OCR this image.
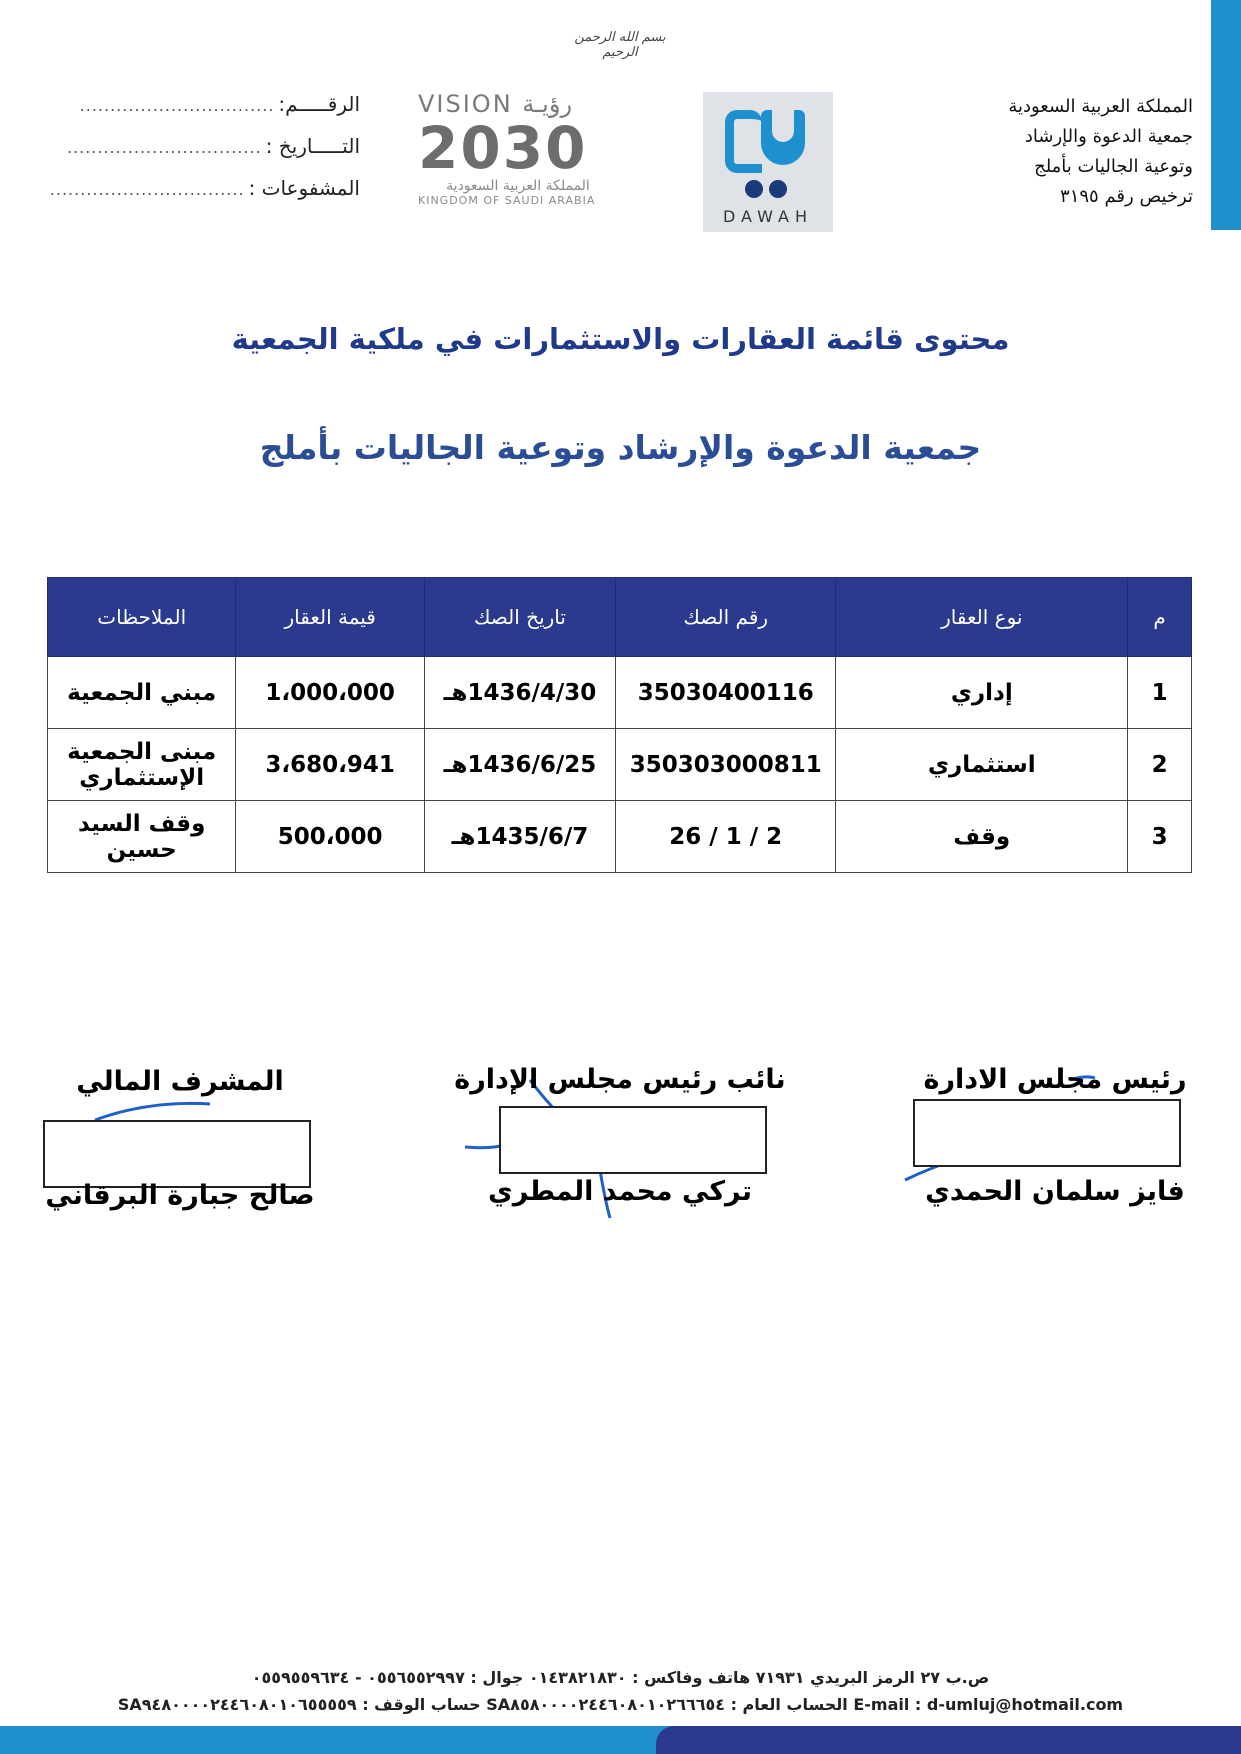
بسم الله الرحمن الرحيم
المملكة العربية السعودية
جمعية الدعوة والإرشاد
وتوعية الجاليات بأملج
ترخيص رقم ٣١٩٥
DAWAH
VISION رؤيـة
2030
المملكة العربية السعودية
KINGDOM OF SAUDI ARABIA
الرقـــــم:
................................
التـــــاريخ :
................................
المشفوعات :
................................
محتوى قائمة العقارات والاستثمارات في ملكية الجمعية
جمعية الدعوة والإرشاد وتوعية الجاليات بأملج
م	نوع العقار	رقم الصك	تاريخ الصك	قيمة العقار	الملاحظات
1	إداري	35030400116	1436/4/30هـ	1،000،000	مبني الجمعية
2	استثماري	350303000811	1436/6/25هـ	3،680،941	مبنى الجمعية الإستثماري
3	وقف	2 / 1 / 26	1435/6/7هـ	500،000	وقف السيد حسين
رئيس مجلس الادارة
فايز سلمان الحمدي
نائب رئيس مجلس الإدارة
تركي محمد المطري
المشرف المالي
صالح جبارة البرقاني
ص.ب ٢٧ الرمز البريدي ٧١٩٣١ هاتف وفاكس : ٠١٤٣٨٢١٨٣٠ جوال : ٠٥٥٦٥٥٢٩٩٧ - ٠٥٥٩٥٥٩٦٣٤
E-mail : d-umluj@hotmail.com الحساب العام : SA٨٥٨٠٠٠٠٢٤٤٦٠٨٠١٠٢٦٦٦٥٤ حساب الوقف : SA٩٤٨٠٠٠٠٢٤٤٦٠٨٠١٠٦٥٥٥٥٩
